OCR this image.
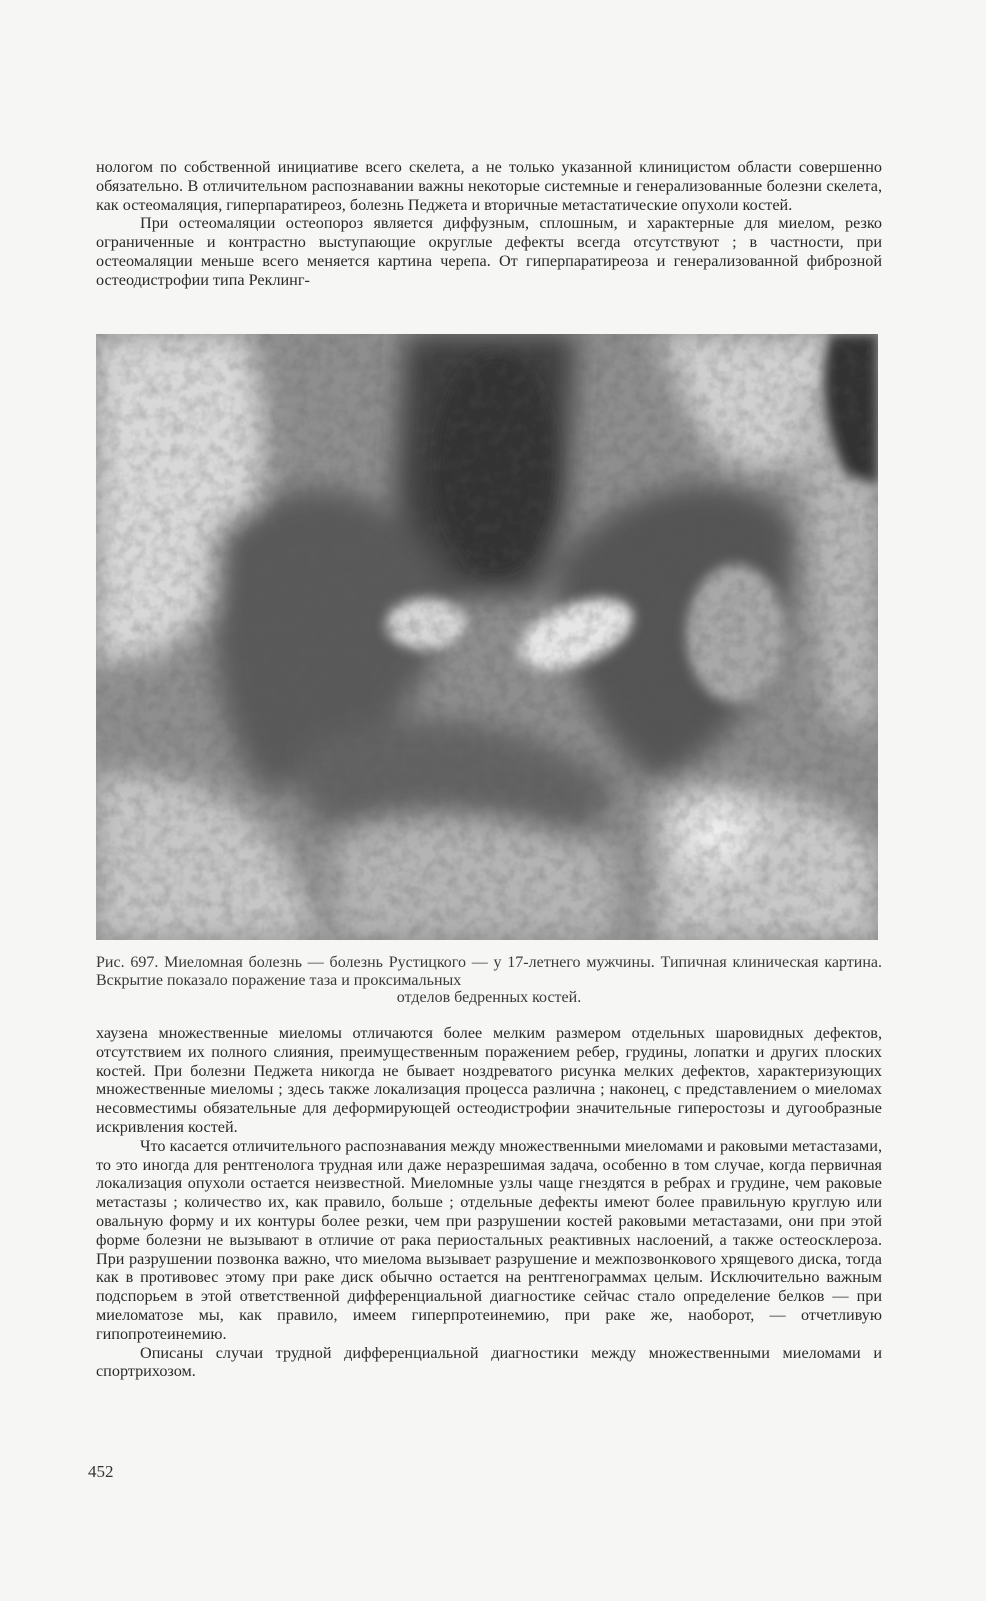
нологом по собственной инициативе всего скелета, а не только указанной клиницистом области совершенно обязательно. В отличительном распознавании важны некоторые системные и генерализованные болезни скелета, как остеомаляция, гиперпаратиреоз, болезнь Педжета и вторичные метастатические опухоли костей.

При остеомаляции остеопороз является диффузным, сплошным, и характерные для миелом, резко ограниченные и контрастно выступающие округлые дефекты всегда отсутствуют ; в частности, при остеомаляции меньше всего меняется картина черепа. От гиперпаратиреоза и генерализованной фиброзной остеодистрофии типа Реклинг-

Рис. 697. Миеломная болезнь — болезнь Рустицкого — у 17-летнего мужчины. Типичная клиническая картина. Вскрытие показало поражение таза и проксимальных
отделов бедренных костей.

хаузена множественные миеломы отличаются более мелким размером отдельных шаровидных дефектов, отсутствием их полного слияния, преимущественным поражением ребер, грудины, лопатки и других плоских костей. При болезни Педжета никогда не бывает ноздреватого рисунка мелких дефектов, характеризующих множественные миеломы ; здесь также локализация процесса различна ; наконец, с представлением о миеломах несовместимы обязательные для деформирующей остеодистрофии значительные гиперостозы и дугообразные искривления костей.

Что касается отличительного распознавания между множественными миеломами и раковыми метастазами, то это иногда для рентгенолога трудная или даже неразрешимая задача, особенно в том случае, когда первичная локализация опухоли остается неизвестной. Миеломные узлы чаще гнездятся в ребрах и грудине, чем раковые метастазы ; количество их, как правило, больше ; отдельные дефекты имеют более правильную круглую или овальную форму и их контуры более резки, чем при разрушении костей раковыми метастазами, они при этой форме болезни не вызывают в отличие от рака периостальных реактивных наслоений, а также остеосклероза. При разрушении позвонка важно, что миелома вызывает разрушение и межпозвонкового хрящевого диска, тогда как в противовес этому при раке диск обычно остается на рентгенограммах целым. Исключительно важным подспорьем в этой ответственной дифференциальной диагностике сейчас стало определение белков — при миеломатозе мы, как правило, имеем гиперпротеинемию, при раке же, наоборот, — отчетливую гипопротеинемию.

Описаны случаи трудной дифференциальной диагностики между множественными миеломами и спортрихозом.

452
